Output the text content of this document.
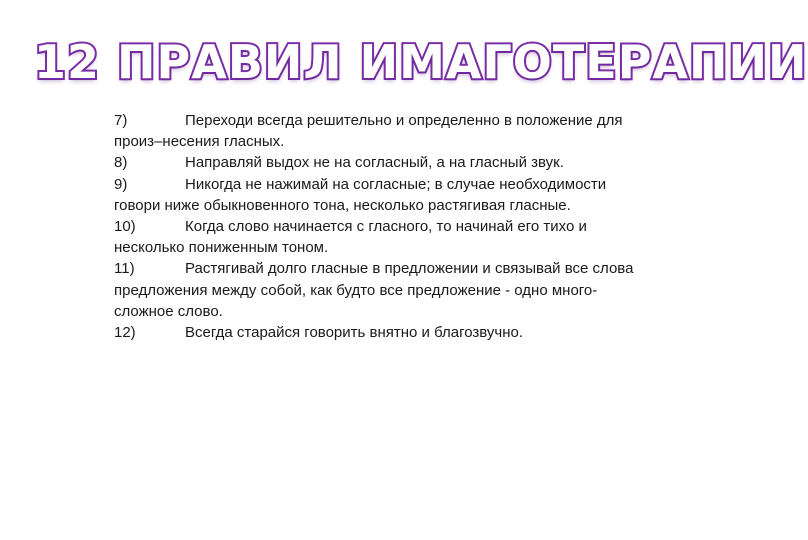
12 ПРАВИЛ ИМАГОТЕРАПИИ
7)	Переходи всегда решительно и определенно в положение для произ–несения гласных.
8)	Направляй выдох не на согласный, а на гласный звук.
9)	Никогда не нажимай на согласные; в случае необходимости говори ниже обыкновенного тона, несколько растягивая гласные.
10)	Когда слово начинается с гласного, то начинай его тихо и несколько пониженным тоном.
11)	Растягивай долго гласные в предложении и связывай все слова предложения между собой, как будто все предложение - одно много-сложное слово.
12)	Всегда старайся говорить внятно и благозвучно.
